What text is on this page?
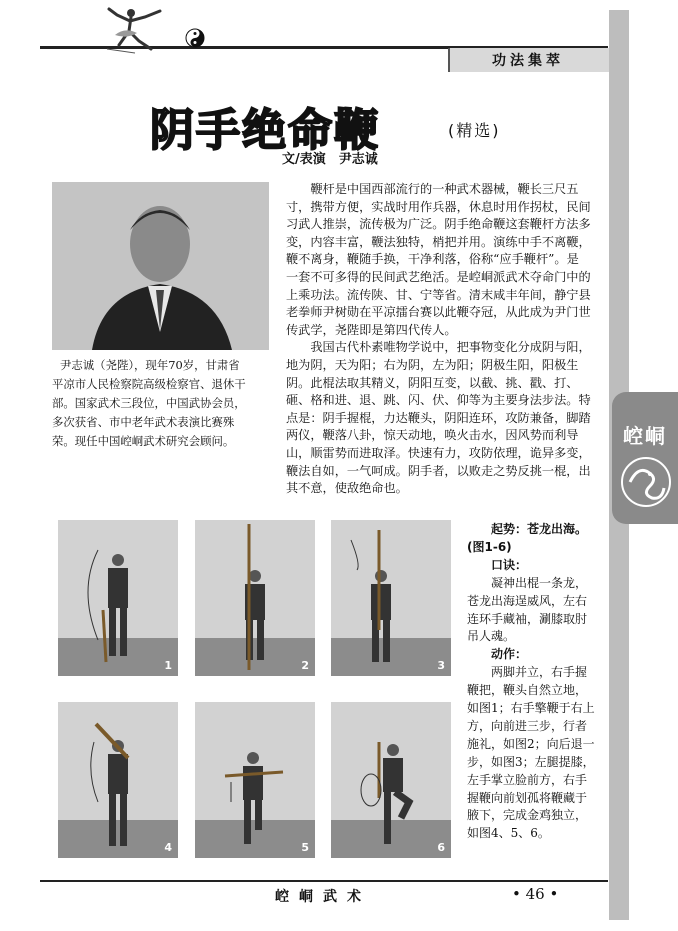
功法集萃
崆峒
阴手绝命鞭	(精选)
文/表演　尹志诚
尹志诚（尧陛），现年70岁，甘肃省
平凉市人民检察院高级检察官、退休干
部。国家武术三段位，中国武协会员，
多次获省、市中老年武术表演比赛殊
荣。现任中国崆峒武术研究会顾问。
　　鞭杆是中国西部流行的一种武术器械，鞭长三尺五
寸，携带方便，实战时用作兵器，休息时用作拐杖，民间
习武人推崇，流传极为广泛。阴手绝命鞭这套鞭杆方法多
变，内容丰富，鞭法独特，梢把并用。演练中手不离鞭，
鞭不离身，鞭随手换，干净利落，俗称“应手鞭杆”。是
一套不可多得的民间武艺绝活。是崆峒派武术夺命门中的
上乘功法。流传陕、甘、宁等省。清末咸丰年间，静宁县
老拳师尹树勋在平凉擂台赛以此鞭夺冠，从此成为尹门世
传武学，尧陛即是第四代传人。
　　我国古代朴素唯物学说中，把事物变化分成阴与阳，
地为阴，天为阳；右为阴，左为阳；阴极生阳，阳极生
阴。此棍法取其精义，阴阳互变，以截、挑、戳、打、
砸、格和进、退、跳、闪、伏、仰等为主要身法步法。特
点是：阴手握棍，力达鞭头，阴阳连环，攻防兼备，脚踏
两仪，鞭落八卦，惊天动地，唤火击水，因风势而利导
山，顺雷势而进取泽。快速有力，攻防依理，诡异多变，
鞭法自如，一气呵成。阴手者，以败走之势反挑一棍，出
其不意，使敌绝命也。
1	2	3
4	5	6
　　起势：苍龙出海。
(图1-6)
　　口诀：
　　凝神出棍一条龙，
苍龙出海逞威风，左右
连环手藏袖，涮膝取肘
吊人魂。
　　动作：
　　两脚并立，右手握
鞭把，鞭头自然立地，
如图1；右手擎鞭于右上
方，向前进三步，行者
施礼，如图2；向后退一
步，如图3；左腿提膝，
左手掌立脸前方，右手
握鞭向前划孤将鞭藏于
腋下，完成金鸡独立，
如图4、5、6。
崆峒武术	• 46 •
